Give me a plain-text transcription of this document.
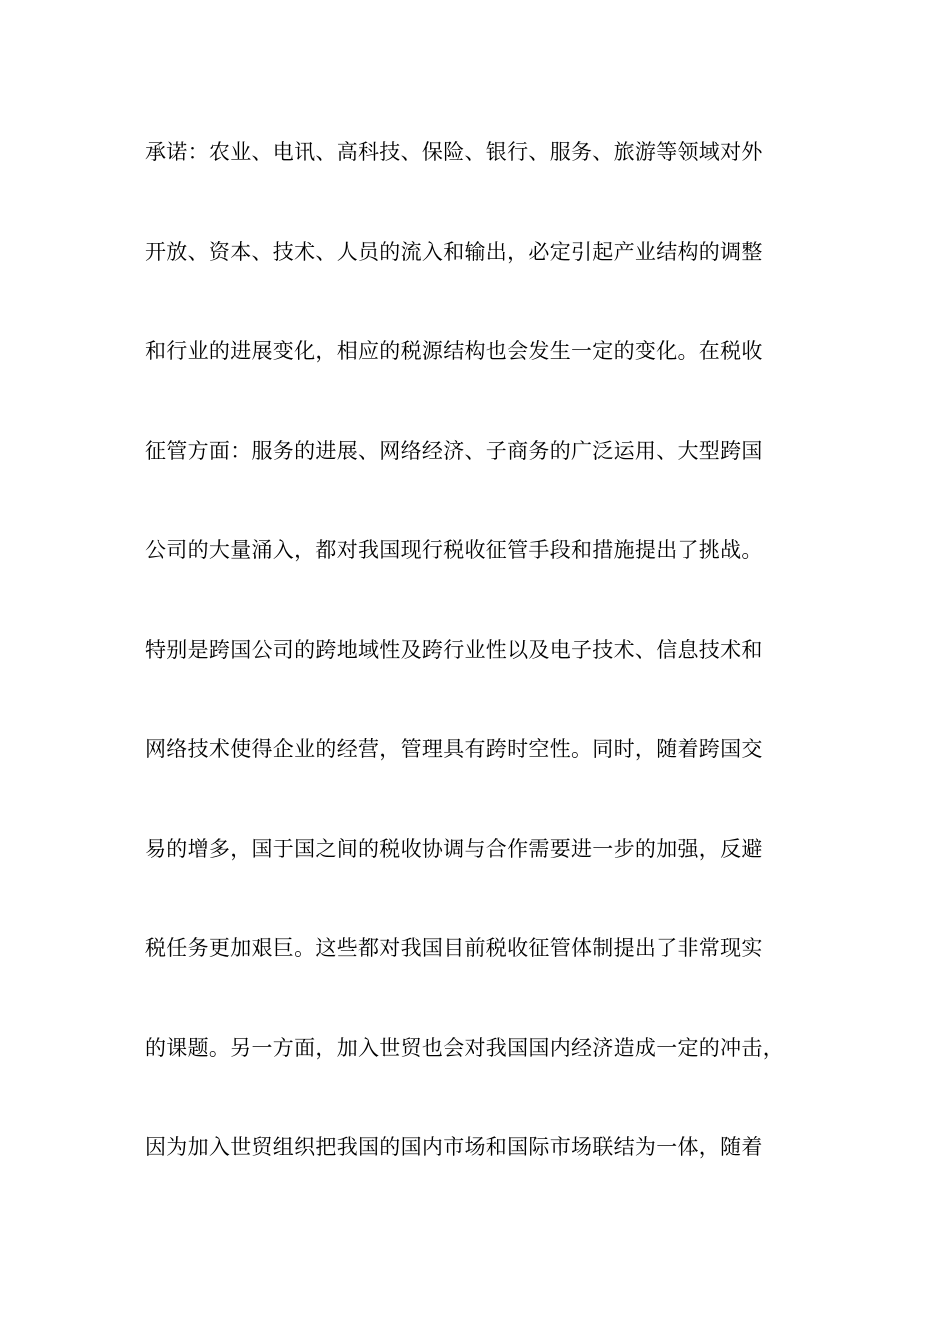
承诺：农业、电讯、高科技、保险、银行、服务、旅游等领域对外
开放、资本、技术、人员的流入和输出，必定引起产业结构的调整
和行业的进展变化，相应的税源结构也会发生一定的变化。在税收
征管方面：服务的进展、网络经济、子商务的广泛运用、大型跨国
公司的大量涌入，都对我国现行税收征管手段和措施提出了挑战。
特别是跨国公司的跨地域性及跨行业性以及电子技术、信息技术和
网络技术使得企业的经营，管理具有跨时空性。同时，随着跨国交
易的增多，国于国之间的税收协调与合作需要进一步的加强，反避
税任务更加艰巨。这些都对我国目前税收征管体制提出了非常现实
的课题。另一方面，加入世贸也会对我国国内经济造成一定的冲击，
因为加入世贸组织把我国的国内市场和国际市场联结为一体，随着
